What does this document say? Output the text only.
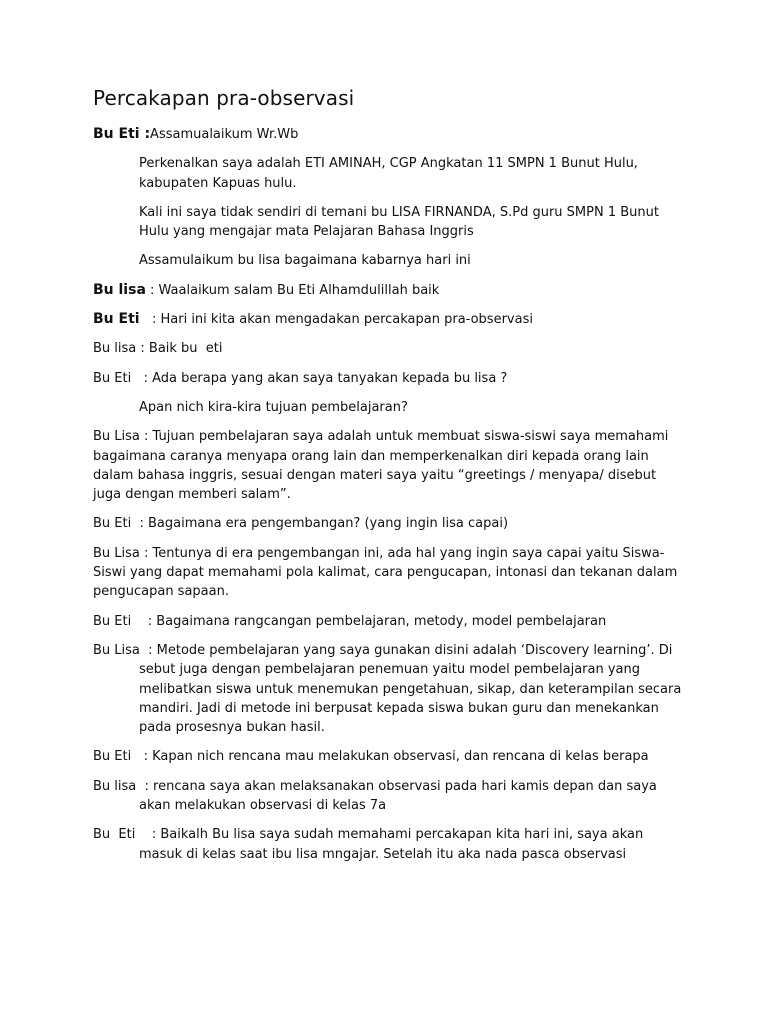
Percakapan pra-observasi

Bu Eti :Assamualaikum Wr.Wb

Perkenalkan saya adalah ETI AMINAH, CGP Angkatan 11 SMPN 1 Bunut Hulu, kabupaten Kapuas hulu.

Kali ini saya tidak sendiri di temani bu LISA FIRNANDA, S.Pd guru SMPN 1 Bunut Hulu yang mengajar mata Pelajaran Bahasa Inggris

Assamulaikum bu lisa bagaimana kabarnya hari ini

Bu lisa : Waalaikum salam Bu Eti Alhamdulillah baik

Bu Eti   : Hari ini kita akan mengadakan percakapan pra-observasi

Bu lisa : Baik bu  eti

Bu Eti   : Ada berapa yang akan saya tanyakan kepada bu lisa ?

Apan nich kira-kira tujuan pembelajaran?

Bu Lisa : Tujuan pembelajaran saya adalah untuk membuat siswa-siswi saya memahami bagaimana caranya menyapa orang lain dan memperkenalkan diri kepada orang lain dalam bahasa inggris, sesuai dengan materi saya yaitu “greetings / menyapa/ disebut juga dengan memberi salam”.

Bu Eti  : Bagaimana era pengembangan? (yang ingin lisa capai)

Bu Lisa : Tentunya di era pengembangan ini, ada hal yang ingin saya capai yaitu Siswa-Siswi yang dapat memahami pola kalimat, cara pengucapan, intonasi dan tekanan dalam pengucapan sapaan.

Bu Eti    : Bagaimana rangcangan pembelajaran, metody, model pembelajaran

Bu Lisa  : Metode pembelajaran yang saya gunakan disini adalah ‘Discovery learning’. Di sebut juga dengan pembelajaran penemuan yaitu model pembelajaran yang melibatkan siswa untuk menemukan pengetahuan, sikap, dan keterampilan secara mandiri. Jadi di metode ini berpusat kepada siswa bukan guru dan menekankan pada prosesnya bukan hasil.

Bu Eti   : Kapan nich rencana mau melakukan observasi, dan rencana di kelas berapa

Bu lisa  : rencana saya akan melaksanakan observasi pada hari kamis depan dan saya akan melakukan observasi di kelas 7a

Bu  Eti    : Baikalh Bu lisa saya sudah memahami percakapan kita hari ini, saya akan masuk di kelas saat ibu lisa mngajar. Setelah itu aka nada pasca observasi
